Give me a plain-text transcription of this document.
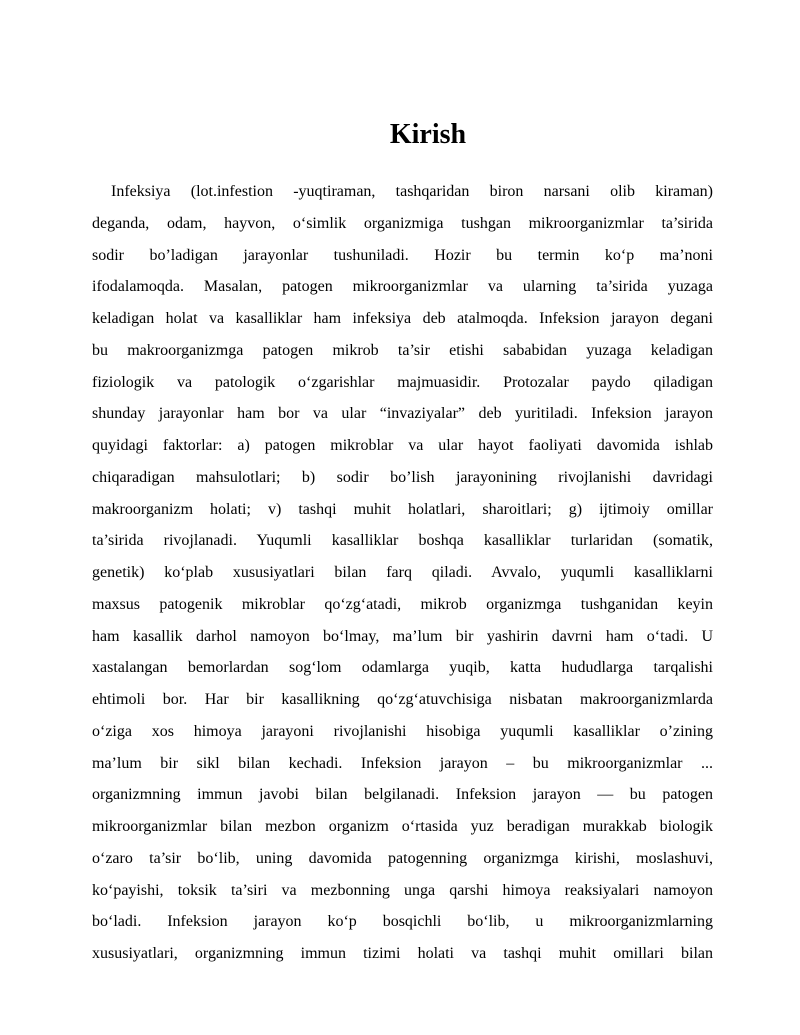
Kirish
Infeksiya (lot.infestion -yuqtiraman, tashqaridan biron narsani olib kiraman)
deganda, odam, hayvon, o‘simlik organizmiga tushgan mikroorganizmlar ta’sirida
sodir bo’ladigan jarayonlar tushuniladi. Hozir bu termin ko‘p ma’noni
ifodalamoqda. Masalan, patogen mikroorganizmlar va ularning ta’sirida yuzaga
keladigan holat va kasalliklar ham infeksiya deb atalmoqda. Infeksion jarayon degani
bu makroorganizmga patogen mikrob ta’sir etishi sababidan yuzaga keladigan
fiziologik va patologik o‘zgarishlar majmuasidir. Protozalar paydo qiladigan
shunday jarayonlar ham bor va ular “invaziyalar” deb yuritiladi. Infeksion jarayon
quyidagi faktorlar: a) patogen mikroblar va ular hayot faoliyati davomida ishlab
chiqaradigan mahsulotlari; b) sodir bo’lish jarayonining rivojlanishi davridagi
makroorganizm holati; v) tashqi muhit holatlari, sharoitlari; g) ijtimoiy omillar
ta’sirida rivojlanadi. Yuqumli kasalliklar boshqa kasalliklar turlaridan (somatik,
genetik) ko‘plab xususiyatlari bilan farq qiladi. Avvalo, yuqumli kasalliklarni
maxsus patogenik mikroblar qo‘zg‘atadi, mikrob organizmga tushganidan keyin
ham kasallik darhol namoyon bo‘lmay, ma’lum bir yashirin davrni ham o‘tadi. U
xastalangan bemorlardan sog‘lom odamlarga yuqib, katta hududlarga tarqalishi
ehtimoli bor. Har bir kasallikning qo‘zg‘atuvchisiga nisbatan makroorganizmlarda
o‘ziga xos himoya jarayoni rivojlanishi hisobiga yuqumli kasalliklar o’zining
ma’lum bir sikl bilan kechadi. Infeksion jarayon – bu mikroorganizmlar ...
organizmning immun javobi bilan belgilanadi. Infeksion jarayon — bu patogen
mikroorganizmlar bilan mezbon organizm o‘rtasida yuz beradigan murakkab biologik
o‘zaro ta’sir bo‘lib, uning davomida patogenning organizmga kirishi, moslashuvi,
ko‘payishi, toksik ta’siri va mezbonning unga qarshi himoya reaksiyalari namoyon
bo‘ladi. Infeksion jarayon ko‘p bosqichli bo‘lib, u mikroorganizmlarning
xususiyatlari, organizmning immun tizimi holati va tashqi muhit omillari bilan
